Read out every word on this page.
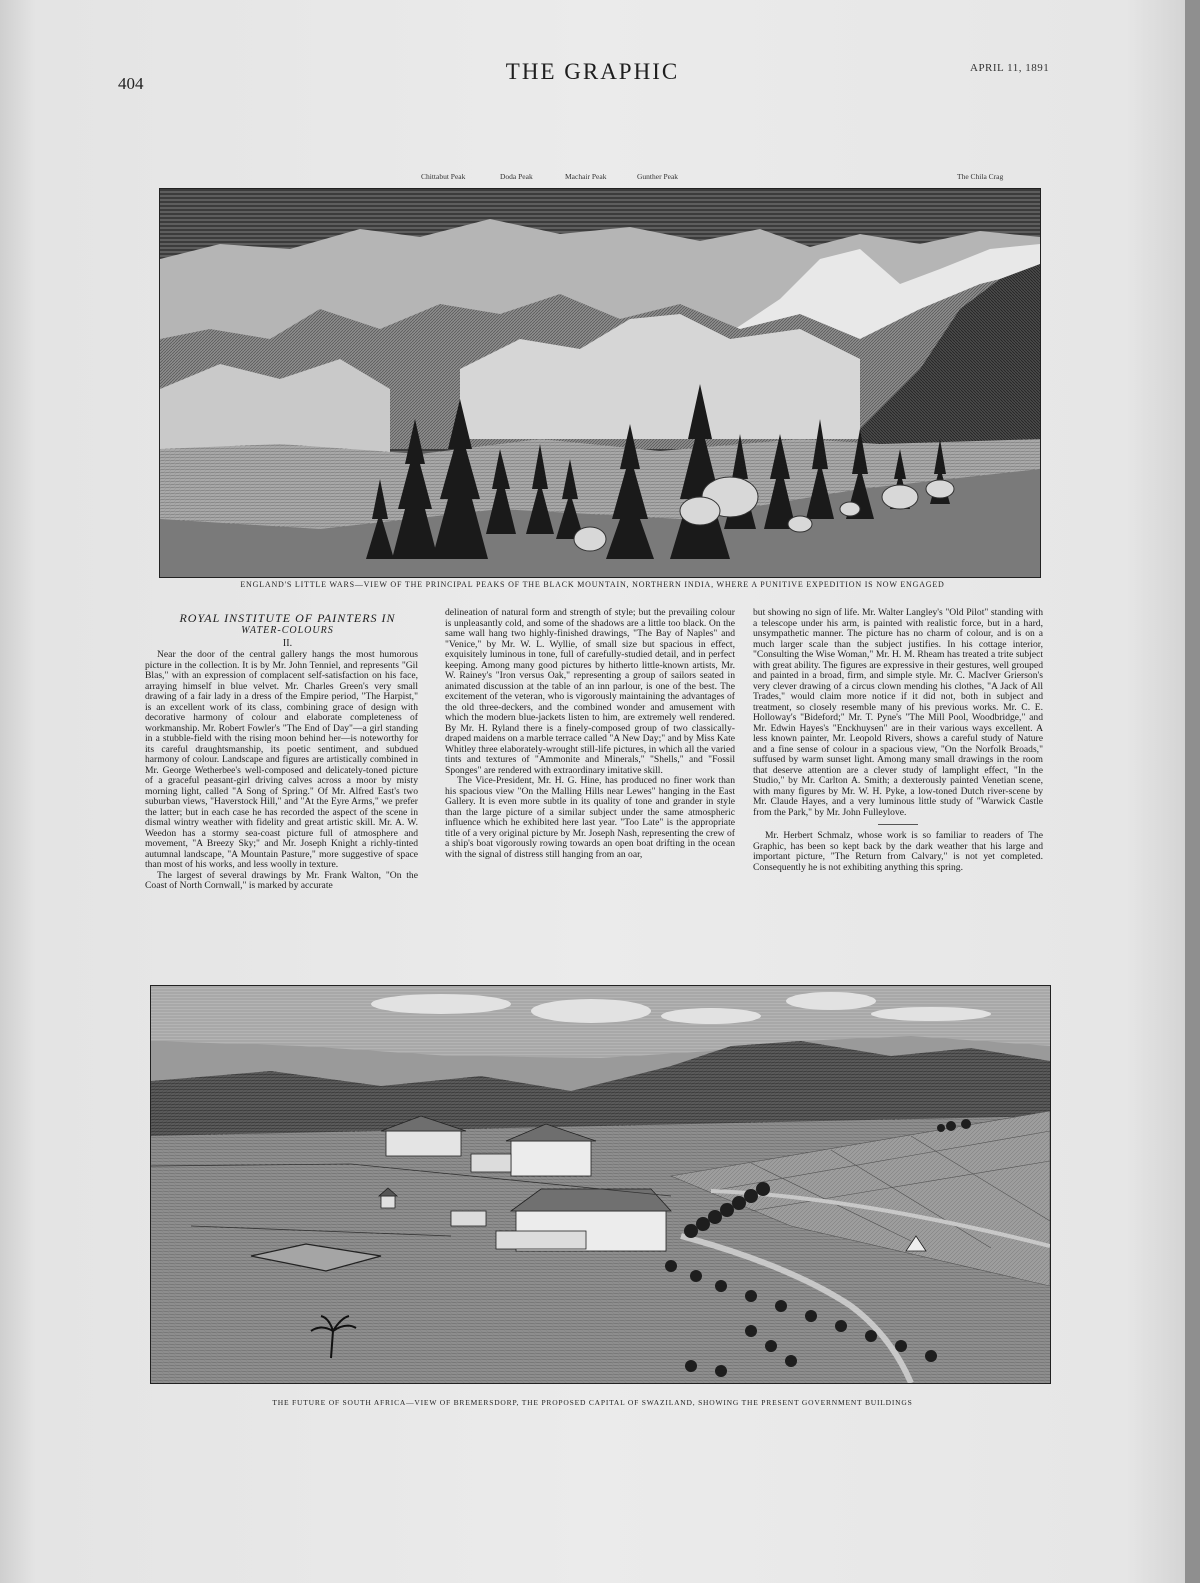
404	THE GRAPHIC	APRIL 11, 1891
Chittabut Peak	Doda Peak	Machair Peak	Gunther Peak	The Chila Crag
ENGLAND'S LITTLE WARS—VIEW OF THE PRINCIPAL PEAKS OF THE BLACK MOUNTAIN, NORTHERN INDIA, WHERE A PUNITIVE EXPEDITION IS NOW ENGAGED

ROYAL INSTITUTE OF PAINTERS IN

WATER-COLOURS

II.

Near the door of the central gallery hangs the most humorous picture in the collection. It is by Mr. John Tenniel, and represents "Gil Blas," with an expression of complacent self-satisfaction on his face, arraying himself in blue velvet. Mr. Charles Green's very small drawing of a fair lady in a dress of the Empire period, "The Harpist," is an excellent work of its class, combining grace of design with decorative harmony of colour and elaborate completeness of workmanship. Mr. Robert Fowler's "The End of Day"—a girl standing in a stubble-field with the rising moon behind her—is noteworthy for its careful draughtsmanship, its poetic sentiment, and subdued harmony of colour. Landscape and figures are artistically combined in Mr. George Wetherbee's well-composed and delicately-toned picture of a graceful peasant-girl driving calves across a moor by misty morning light, called "A Song of Spring." Of Mr. Alfred East's two suburban views, "Haverstock Hill," and "At the Eyre Arms," we prefer the latter; but in each case he has recorded the aspect of the scene in dismal wintry weather with fidelity and great artistic skill. Mr. A. W. Weedon has a stormy sea-coast picture full of atmosphere and movement, "A Breezy Sky;" and Mr. Joseph Knight a richly-tinted autumnal landscape, "A Mountain Pasture," more suggestive of space than most of his works, and less woolly in texture.

The largest of several drawings by Mr. Frank Walton, "On the Coast of North Cornwall," is marked by accurate

delineation of natural form and strength of style; but the prevailing colour is unpleasantly cold, and some of the shadows are a little too black. On the same wall hang two highly-finished drawings, "The Bay of Naples" and "Venice," by Mr. W. L. Wyllie, of small size but spacious in effect, exquisitely luminous in tone, full of carefully-studied detail, and in perfect keeping. Among many good pictures by hitherto little-known artists, Mr. W. Rainey's "Iron versus Oak," representing a group of sailors seated in animated discussion at the table of an inn parlour, is one of the best. The excitement of the veteran, who is vigorously maintaining the advantages of the old three-deckers, and the combined wonder and amusement with which the modern blue-jackets listen to him, are extremely well rendered. By Mr. H. Ryland there is a finely-composed group of two classically-draped maidens on a marble terrace called "A New Day;" and by Miss Kate Whitley three elaborately-wrought still-life pictures, in which all the varied tints and textures of "Ammonite and Minerals," "Shells," and "Fossil Sponges" are rendered with extraordinary imitative skill.

The Vice-President, Mr. H. G. Hine, has produced no finer work than his spacious view "On the Malling Hills near Lewes" hanging in the East Gallery. It is even more subtle in its quality of tone and grander in style than the large picture of a similar subject under the same atmospheric influence which he exhibited here last year. "Too Late" is the appropriate title of a very original picture by Mr. Joseph Nash, representing the crew of a ship's boat vigorously rowing towards an open boat drifting in the ocean with the signal of distress still hanging from an oar,

but showing no sign of life. Mr. Walter Langley's "Old Pilot" standing with a telescope under his arm, is painted with realistic force, but in a hard, unsympathetic manner. The picture has no charm of colour, and is on a much larger scale than the subject justifies. In his cottage interior, "Consulting the Wise Woman," Mr. H. M. Rheam has treated a trite subject with great ability. The figures are expressive in their gestures, well grouped and painted in a broad, firm, and simple style. Mr. C. MacIver Grierson's very clever drawing of a circus clown mending his clothes, "A Jack of All Trades," would claim more notice if it did not, both in subject and treatment, so closely resemble many of his previous works. Mr. C. E. Holloway's "Bideford;" Mr. T. Pyne's "The Mill Pool, Woodbridge," and Mr. Edwin Hayes's "Enckhuysen" are in their various ways excellent. A less known painter, Mr. Leopold Rivers, shows a careful study of Nature and a fine sense of colour in a spacious view, "On the Norfolk Broads," suffused by warm sunset light. Among many small drawings in the room that deserve attention are a clever study of lamplight effect, "In the Studio," by Mr. Carlton A. Smith; a dexterously painted Venetian scene, with many figures by Mr. W. H. Pyke, a low-toned Dutch river-scene by Mr. Claude Hayes, and a very luminous little study of "Warwick Castle from the Park," by Mr. John Fulleylove.

Mr. Herbert Schmalz, whose work is so familiar to readers of The Graphic, has been so kept back by the dark weather that his large and important picture, "The Return from Calvary," is not yet completed. Consequently he is not exhibiting anything this spring.

THE FUTURE OF SOUTH AFRICA—VIEW OF BREMERSDORP, THE PROPOSED CAPITAL OF SWAZILAND, SHOWING THE PRESENT GOVERNMENT BUILDINGS
